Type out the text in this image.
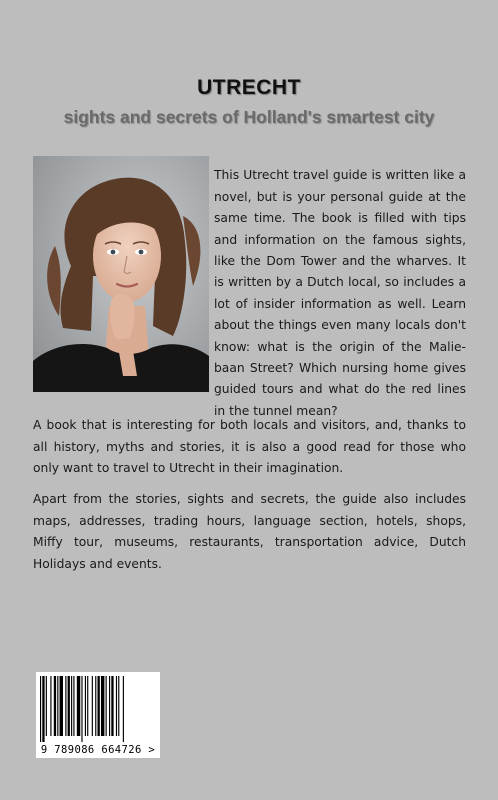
UTRECHT
sights and secrets of Holland's smartest city

This Utrecht travel guide is written like a novel, but is your personal guide at the same time. The book is filled with tips and information on the famous sights, like the Dom Tower and the wharves. It is written by a Dutch local, so includes a lot of insider information as well. Learn about the things even many locals don't know: what is the origin of the Malie-baan Street? Which nursing home gives guided tours and what do the red lines in the tunnel mean?

A book that is interesting for both locals and visitors, and, thanks to all history, myths and stories, it is also a good read for those who only want to travel to Utrecht in their imagination.

Apart from the stories, sights and secrets, the guide also includes maps, addresses, trading hours, language section, hotels, shops, Miffy tour, museums, restaurants, transportation advice, Dutch Holidays and events.

9 789086 664726 >
